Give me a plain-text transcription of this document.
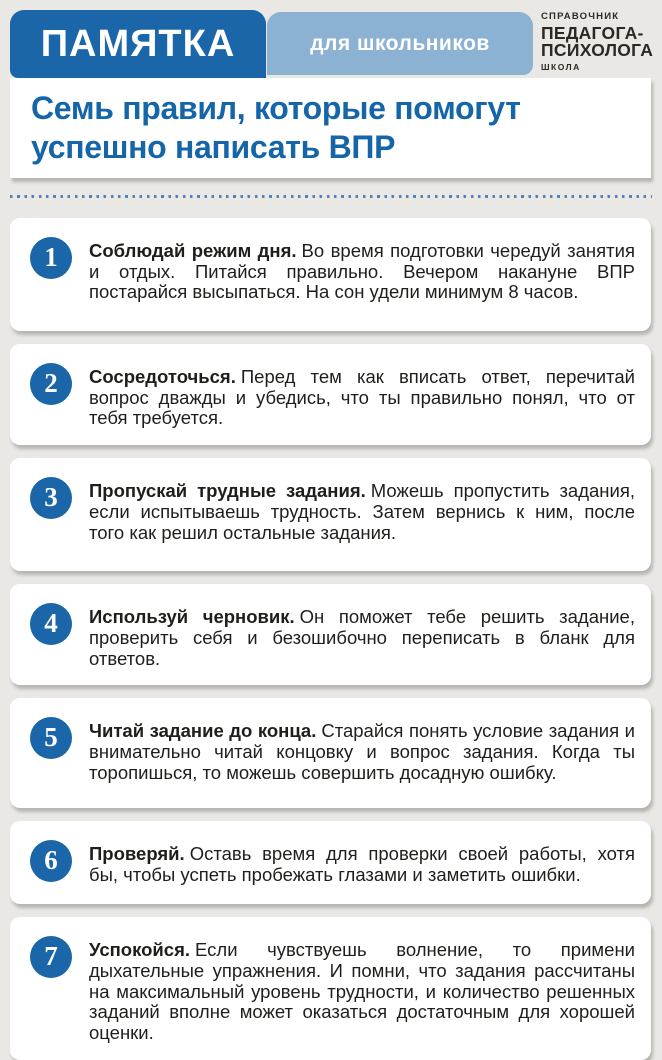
ПАМЯТКА	для школьников
СПРАВОЧНИК
ПЕДАГОГА-
ПСИХОЛОГА
ШКОЛА
Семь правил, которые помогут успешно написать ВПР
1 Соблюдай режим дня. Во время подготовки чередуй занятия и отдых. Питайся правильно. Вечером накануне ВПР постарайся высыпаться. На сон удели минимум 8 часов.

2 Сосредоточься. Перед тем как вписать ответ, перечитай вопрос дважды и убедись, что ты правильно понял, что от тебя требуется.

3 Пропускай трудные задания. Можешь пропустить задания, если испытываешь трудность. Затем вернись к ним, после того как решил остальные задания.

4 Используй черновик. Он поможет тебе решить задание, проверить себя и безошибочно переписать в бланк для ответов.

5 Читай задание до конца. Старайся понять условие задания и внимательно читай концовку и вопрос задания. Когда ты торопишься, то можешь совершить досадную ошибку.

6 Проверяй. Оставь время для проверки своей работы, хотя бы, чтобы успеть пробежать глазами и заметить ошибки.

7 Успокойся. Если чувствуешь волнение, то примени дыхательные упражнения. И помни, что задания рассчитаны на максимальный уровень трудности, и количество решенных заданий вполне может оказаться достаточным для хорошей оценки.
